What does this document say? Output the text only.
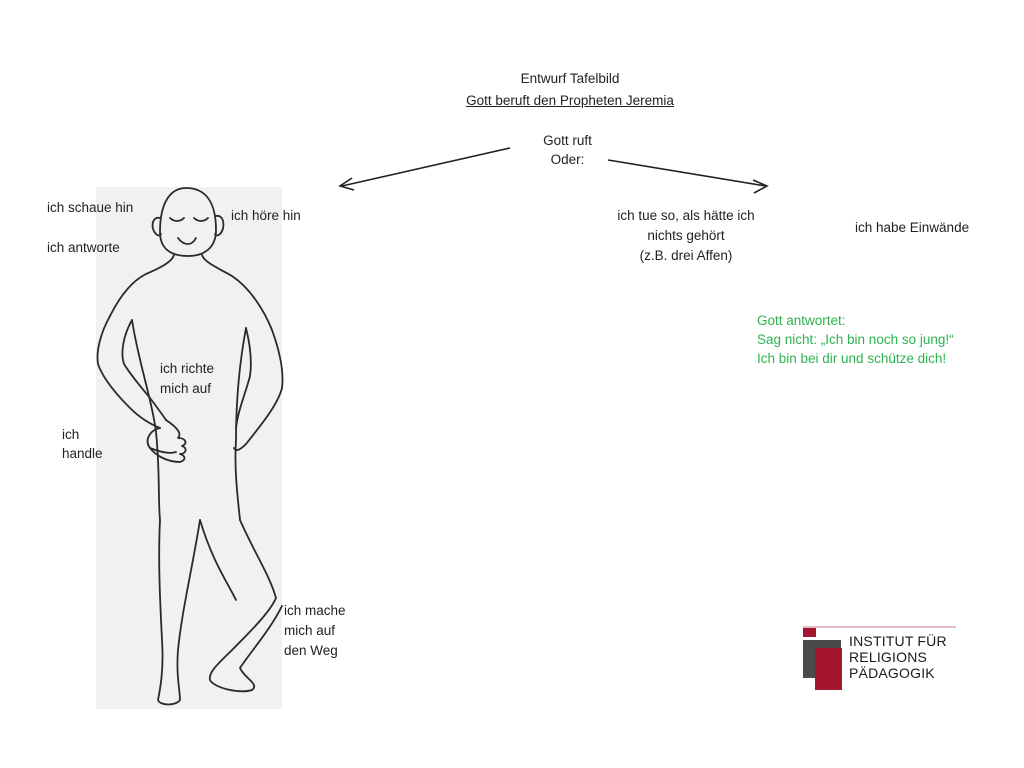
Entwurf Tafelbild
Gott beruft den Propheten Jeremia
Gott ruft
Oder:
ich schaue hin
ich höre hin
ich antworte
ich richte
mich auf
ich
handle
ich mache
mich auf
den Weg
ich tue so, als hätte ich
nichts gehört
(z.B. drei Affen)
ich habe Einwände
Gott antwortet:
Sag nicht: „Ich bin noch so jung!“
Ich bin bei dir und schütze dich!
INSTITUT FÜR
RELIGIONS
PÄDAGOGIK
